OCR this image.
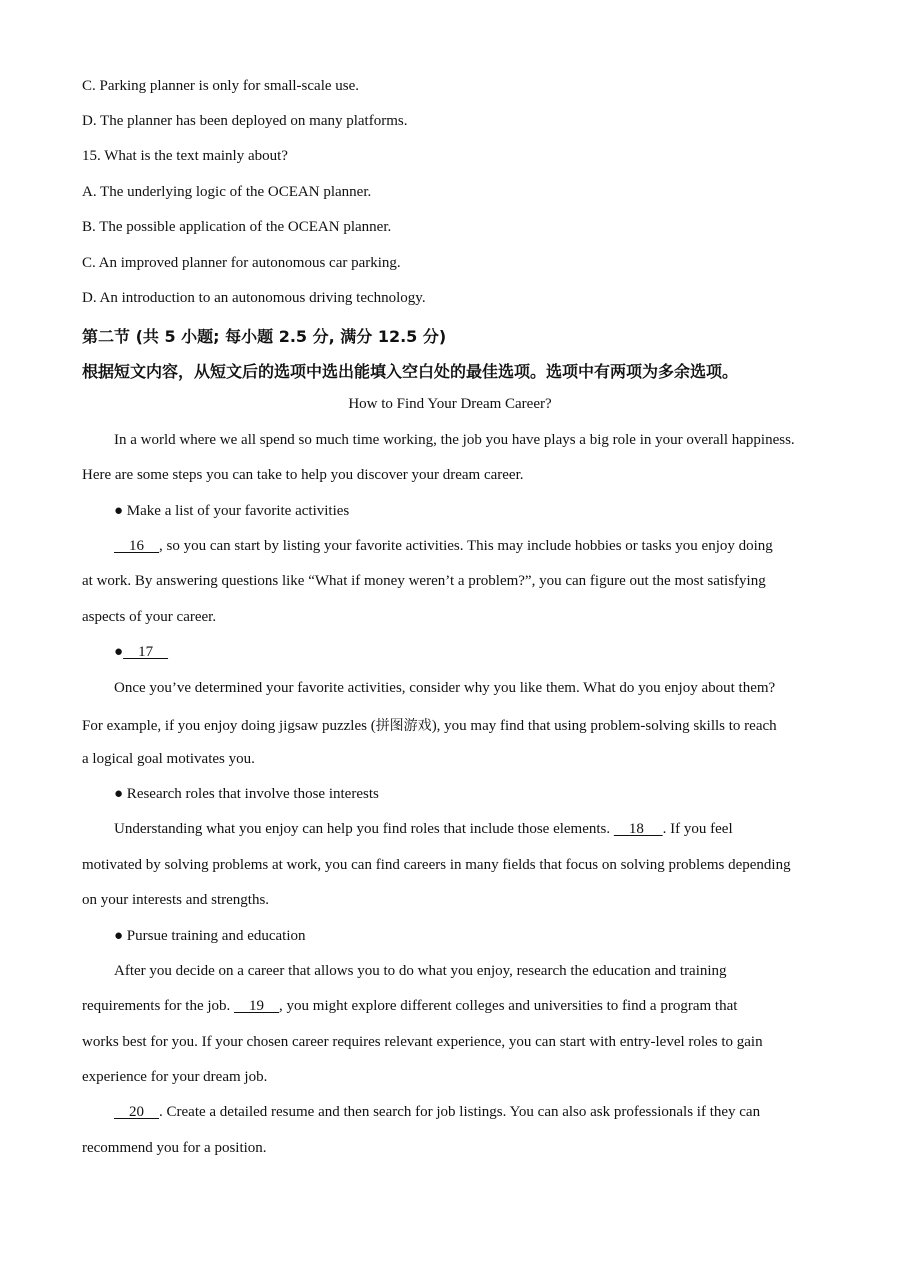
C. Parking planner is only for small-scale use.
D. The planner has been deployed on many platforms.
15. What is the text mainly about?
A. The underlying logic of the OCEAN planner.
B. The possible application of the OCEAN planner.
C. An improved planner for autonomous car parking.
D. An introduction to an autonomous driving technology.
第二节 (共 5 小题; 每小题 2.5 分, 满分 12.5 分)
根据短文内容，从短文后的选项中选出能填入空白处的最佳选项。选项中有两项为多余选项。
How to Find Your Dream Career?
In a world where we all spend so much time working, the job you have plays a big role in your overall happiness.
Here are some steps you can take to help you discover your dream career.
● Make a list of your favorite activities
16    , so you can start by listing your favorite activities. This may include hobbies or tasks you enjoy doing
at work. By answering questions like “What if money weren’t a problem?”, you can figure out the most satisfying
aspects of your career.
●    17
Once you’ve determined your favorite activities, consider why you like them. What do you enjoy about them?
For example, if you enjoy doing jigsaw puzzles (拼图游戏), you may find that using problem-solving skills to reach
a logical goal motivates you.
● Research roles that involve those interests
Understanding what you enjoy can help you find roles that include those elements.     18     . If you feel
motivated by solving problems at work, you can find careers in many fields that focus on solving problems depending
on your interests and strengths.
● Pursue training and education
After you decide on a career that allows you to do what you enjoy, research the education and training
requirements for the job.     19    , you might explore different colleges and universities to find a program that
works best for you. If your chosen career requires relevant experience, you can start with entry-level roles to gain
experience for your dream job.
20    . Create a detailed resume and then search for job listings. You can also ask professionals if they can
recommend you for a position.
